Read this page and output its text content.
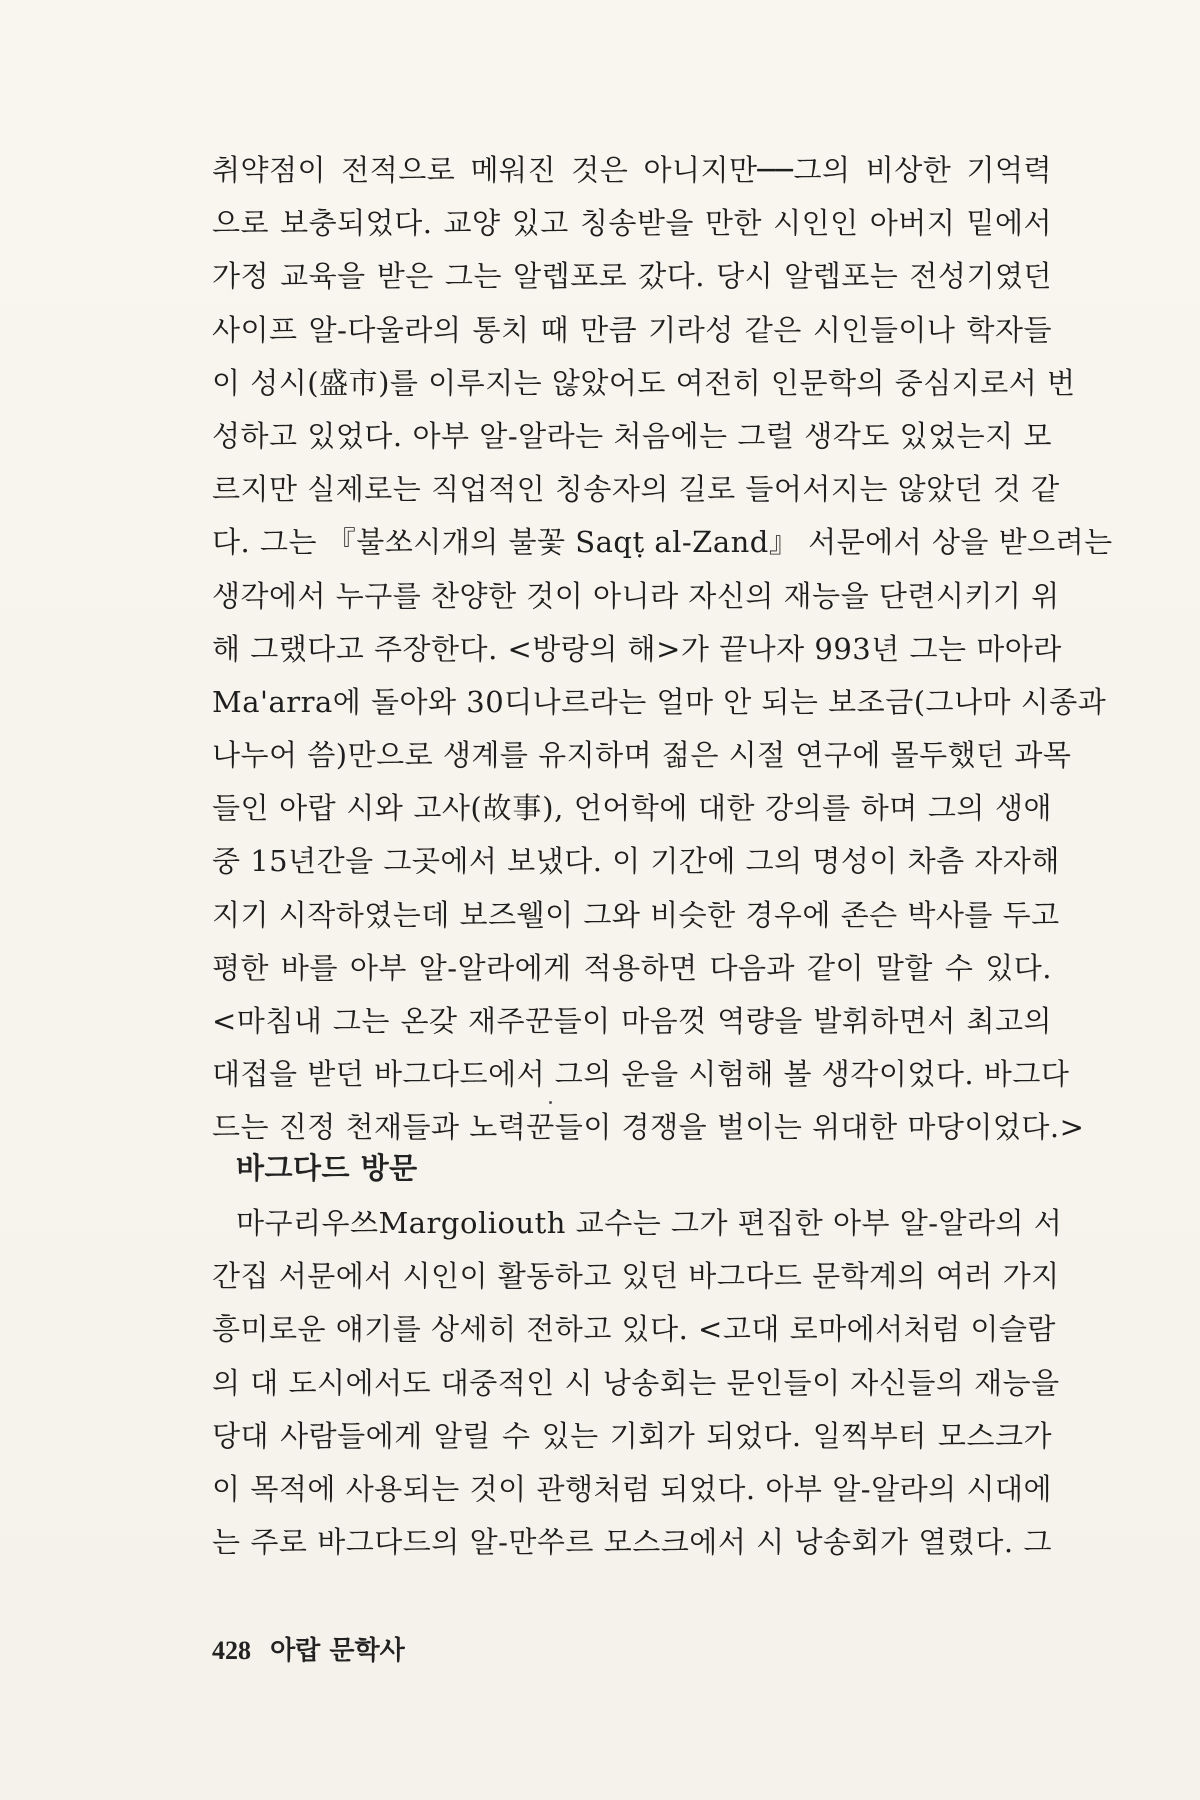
취약점이 전적으로 메워진 것은 아니지만──그의 비상한 기억력
으로 보충되었다. 교양 있고 칭송받을 만한 시인인 아버지 밑에서
가정 교육을 받은 그는 알렙포로 갔다. 당시 알렙포는 전성기였던
사이프 알-다울라의 통치 때 만큼 기라성 같은 시인들이나 학자들
이 성시(盛市)를 이루지는 않았어도 여전히 인문학의 중심지로서 번
성하고 있었다. 아부 알-알라는 처음에는 그럴 생각도 있었는지 모
르지만 실제로는 직업적인 칭송자의 길로 들어서지는 않았던 것 같
다. 그는 『불쏘시개의 불꽃 Saqṭ al-Zand』 서문에서 상을 받으려는
생각에서 누구를 찬양한 것이 아니라 자신의 재능을 단련시키기 위
해 그랬다고 주장한다. <방랑의 해>가 끝나자 993년 그는 마아라
Ma'arra에 돌아와 30디나르라는 얼마 안 되는 보조금(그나마 시종과
나누어 씀)만으로 생계를 유지하며 젊은 시절 연구에 몰두했던 과목
들인 아랍 시와 고사(故事), 언어학에 대한 강의를 하며 그의 생애
중 15년간을 그곳에서 보냈다. 이 기간에 그의 명성이 차츰 자자해
지기 시작하였는데 보즈웰이 그와 비슷한 경우에 존슨 박사를 두고
평한 바를 아부 알-알라에게 적용하면 다음과 같이 말할 수 있다.
<마침내 그는 온갖 재주꾼들이 마음껏 역량을 발휘하면서 최고의
대접을 받던 바그다드에서 그의 운을 시험해 볼 생각이었다. 바그다
드는 진정 천재들과 노력꾼들이 경쟁을 벌이는 위대한 마당이었다.>
바그다드 방문
마구리우쓰Margoliouth 교수는 그가 편집한 아부 알-알라의 서
간집 서문에서 시인이 활동하고 있던 바그다드 문학계의 여러 가지
흥미로운 얘기를 상세히 전하고 있다. <고대 로마에서처럼 이슬람
의 대 도시에서도 대중적인 시 낭송회는 문인들이 자신들의 재능을
당대 사람들에게 알릴 수 있는 기회가 되었다. 일찍부터 모스크가
이 목적에 사용되는 것이 관행처럼 되었다. 아부 알-알라의 시대에
는 주로 바그다드의 알-만쑤르 모스크에서 시 낭송회가 열렸다. 그
428 아랍 문학사
